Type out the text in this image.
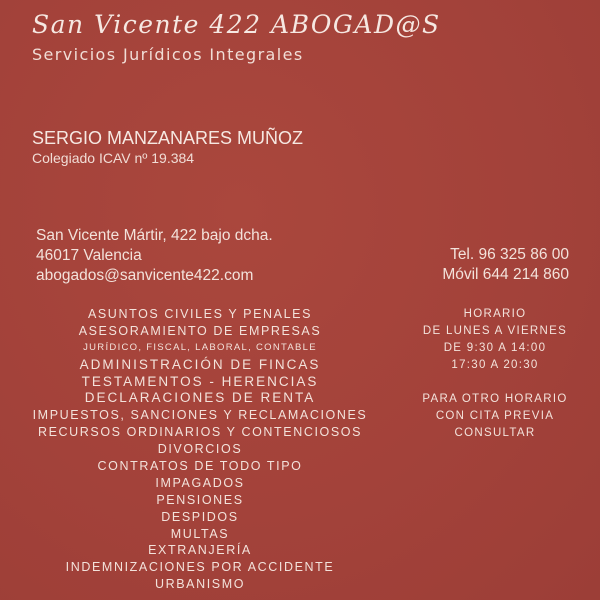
San Vicente 422 ABOGAD@S
Servicios Jurídicos Integrales
SERGIO MANZANARES MUÑOZ
Colegiado ICAV nº 19.384
San Vicente Mártir, 422 bajo dcha.
46017 Valencia
abogados@sanvicente422.com
Tel. 96 325 86 00
Móvil 644 214 860
ASUNTOS CIVILES Y PENALES
ASESORAMIENTO DE EMPRESAS
JURÍDICO, FISCAL, LABORAL, CONTABLE
ADMINISTRACIÓN DE FINCAS
TESTAMENTOS - HERENCIAS
DECLARACIONES DE RENTA
IMPUESTOS, SANCIONES Y RECLAMACIONES
RECURSOS ORDINARIOS Y CONTENCIOSOS
DIVORCIOS
CONTRATOS DE TODO TIPO
IMPAGADOS
PENSIONES
DESPIDOS
MULTAS
EXTRANJERÍA
INDEMNIZACIONES POR ACCIDENTE
URBANISMO
HORARIO
DE LUNES A VIERNES
DE 9:30 A 14:00
17:30 A 20:30
PARA OTRO HORARIO
CON CITA PREVIA
CONSULTAR
